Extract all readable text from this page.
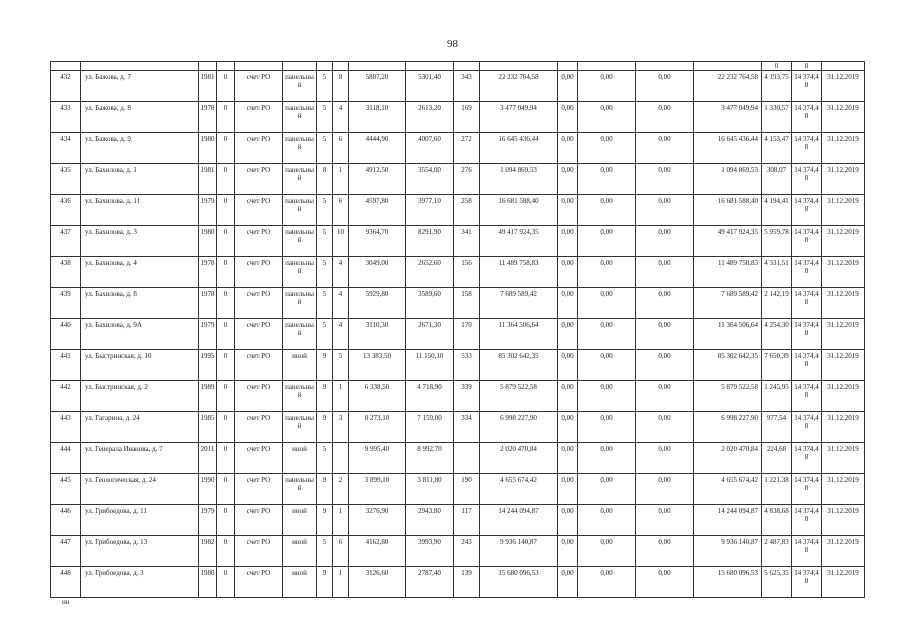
98
																0	8	
432	ул. Бажова, д. 7	1981	0	счет РО	панельный	5	8	5887,20	5301,40	343	22 232 764,58	0,00	0,00	0,00	22 232 764,58	4 193,75	14 374,48	31.12.2019
433	ул. Бажова, д. 8	1978	0	счет РО	панельный	5	4	3118,10	2613,20	169	3 477 049,94	0,00	0,00	0,00	3 477 049,94	1 330,57	14 374,48	31.12.2019
434	ул. Бажова, д. 9	1980	0	счет РО	панельный	5	6	4444,90	4007,60	272	16 645 436,44	0,00	0,00	0,00	16 645 436,44	4 153,47	14 374,48	31.12.2019
435	ул. Бахилова, д. 1	1981	0	счет РО	панельный	8	1	4912,50	3554,00	276	1 094 869,53	0,00	0,00	0,00	1 094 869,53	308,07	14 374,48	31.12.2019
436	ул. Бахилова, д. 11	1979	0	счет РО	панельный	5	6	4597,80	3977,10	258	16 681 588,40	0,00	0,00	0,00	16 681 588,40	4 194,41	14 374,48	31.12.2019
437	ул. Бахилова, д. 3	1980	0	счет РО	панельный	5	10	9364,70	8291,90	341	49 417 924,35	0,00	0,00	0,00	49 417 924,35	5 959,78	14 374,48	31.12.2019
438	ул. Бахилова, д. 4	1978	0	счет РО	панельный	5	4	3049,00	2652,60	156	11 489 758,83	0,00	0,00	0,00	11 489 758,83	4 331,51	14 374,48	31.12.2019
439	ул. Бахилова, д. 8	1978	0	счет РО	панельный	5	4	5929,80	3589,60	158	7 689 589,42	0,00	0,00	0,00	7 689 589,42	2 142,19	14 374,48	31.12.2019
440	ул. Бахилова, д. 9А	1979	0	счет РО	панельный	5	4	3110,30	2671,30	170	11 364 506,64	0,00	0,00	0,00	11 364 506,64	4 254,30	14 374,48	31.12.2019
441	ул. Быстринская, д. 10	1995	0	счет РО	иной	9	5	13 383,50	11 150,10	533	85 302 642,35	0,00	0,00	0,00	85 302 642,35	7 650,39	14 374,48	31.12.2019
442	ул. Быстринская, д. 2	1989	0	счет РО	панельный	9	1	6 338,50	4 718,90	339	5 879 522,58	0,00	0,00	0,00	5 879 522,58	1 245,95	14 374,48	31.12.2019
443	ул. Гагарина, д. 24	1985	0	счет РО	панельный	9	3	8 273,10	7 159,00	334	6 998 227,90	0,00	0,00	0,00	6 998 227,90	977,54	14 374,48	31.12.2019
444	ул. Генерала Иванова, д. 7	2011	0	счет РО	иной	5		9 995,40	8 992,70		2 020 470,84	0,00	0,00	0,00	2 020 470,84	224,68	14 374,48	31.12.2019
445	ул. Геологическая, д. 24	1990	0	счет РО	панельный	9	2	3 899,10	3 811,80	190	4 655 674,42	0,00	0,00	0,00	4 655 674,42	1 221,38	14 374,48	31.12.2019
446	ул. Грибоедова, д. 11	1979	0	счет РО	иной	9	1	3276,90	2943,80	117	14 244 094,87	0,00	0,00	0,00	14 244 094,87	4 838,68	14 374,48	31.12.2019
447	ул. Грибоедова, д. 13	1982	0	счет РО	иной	5	6	4162,80	3993,90	243	9 936 140,87	0,00	0,00	0,00	9 936 140,87	2 487,83	14 374,48	31.12.2019
448	ул. Грибоедова, д. 3	1980	0	счет РО	иной	9	1	3126,60	2787,40	139	15 680 096,53	0,00	0,00	0,00	15 680 096,53	5 625,35	14 374,48	31.12.2019
нн
